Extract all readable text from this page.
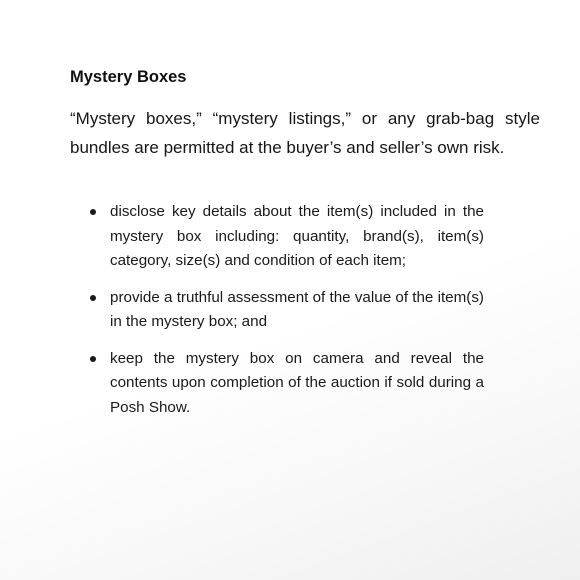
Mystery Boxes

“Mystery boxes,” “mystery listings,” or any grab-bag style bundles are permitted at the buyer’s and seller’s own risk.

disclose key details about the item(s) included in the mystery box including: quantity, brand(s), item(s) category, size(s) and condition of each item;
provide a truthful assessment of the value of the item(s) in the mystery box; and
keep the mystery box on camera and reveal the contents upon completion of the auction if sold during a Posh Show.
